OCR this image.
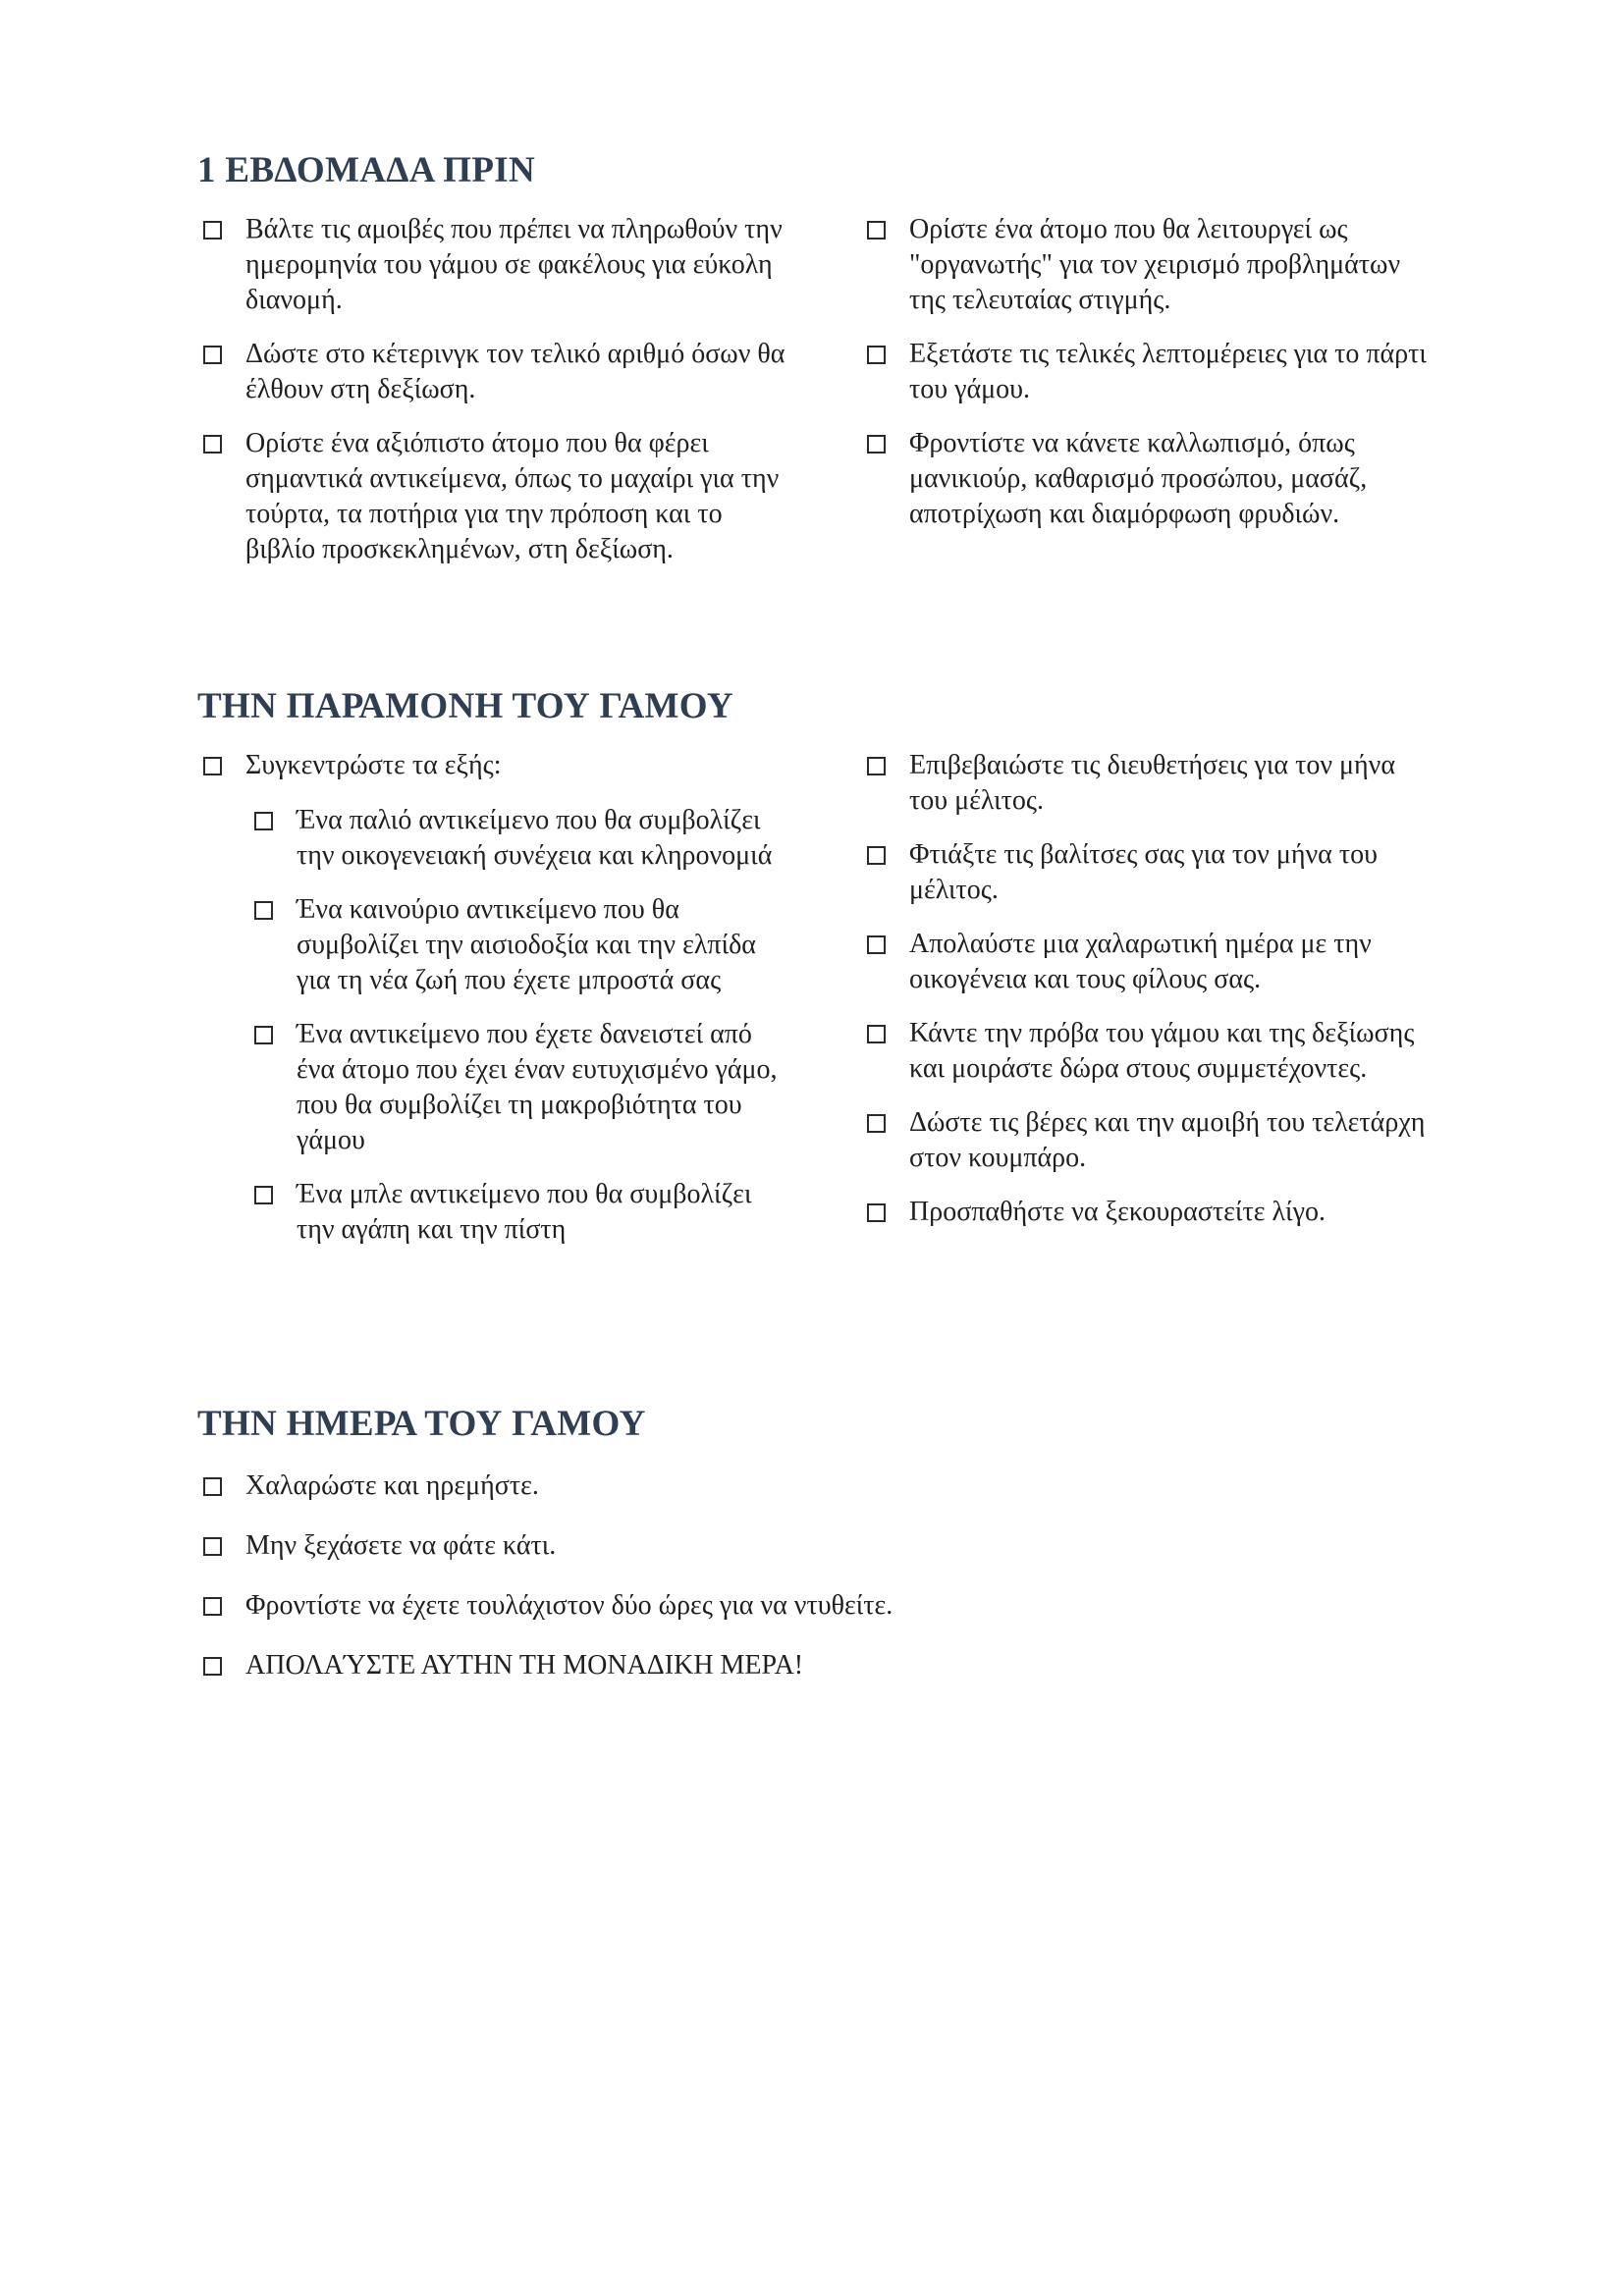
1 ΕΒΔΟΜΑΔΑ ΠΡΙΝ
Βάλτε τις αμοιβές που πρέπει να πληρωθούν την ημερομηνία του γάμου σε φακέλους για εύκολη διανομή.
Δώστε στο κέτερινγκ τον τελικό αριθμό όσων θα έλθουν στη δεξίωση.
Ορίστε ένα αξιόπιστο άτομο που θα φέρει σημαντικά αντικείμενα, όπως το μαχαίρι για την τούρτα, τα ποτήρια για την πρόποση και το βιβλίο προσκεκλημένων, στη δεξίωση.
Ορίστε ένα άτομο που θα λειτουργεί ως "οργανωτής" για τον χειρισμό προβλημάτων της τελευταίας στιγμής.
Εξετάστε τις τελικές λεπτομέρειες για το πάρτι του γάμου.
Φροντίστε να κάνετε καλλωπισμό, όπως μανικιούρ, καθαρισμό προσώπου, μασάζ, αποτρίχωση και διαμόρφωση φρυδιών.
ΤΗΝ ΠΑΡΑΜΟΝΗ ΤΟΥ ΓΑΜΟΥ
Συγκεντρώστε τα εξής:
Ένα παλιό αντικείμενο που θα συμβολίζει την οικογενειακή συνέχεια και κληρονομιά
Ένα καινούριο αντικείμενο που θα συμβολίζει την αισιοδοξία και την ελπίδα για τη νέα ζωή που έχετε μπροστά σας
Ένα αντικείμενο που έχετε δανειστεί από ένα άτομο που έχει έναν ευτυχισμένο γάμο, που θα συμβολίζει τη μακροβιότητα του γάμου
Ένα μπλε αντικείμενο που θα συμβολίζει την αγάπη και την πίστη
Επιβεβαιώστε τις διευθετήσεις για τον μήνα του μέλιτος.
Φτιάξτε τις βαλίτσες σας για τον μήνα του μέλιτος.
Απολαύστε μια χαλαρωτική ημέρα με την οικογένεια και τους φίλους σας.
Κάντε την πρόβα του γάμου και της δεξίωσης και μοιράστε δώρα στους συμμετέχοντες.
Δώστε τις βέρες και την αμοιβή του τελετάρχη στον κουμπάρο.
Προσπαθήστε να ξεκουραστείτε λίγο.
ΤΗΝ ΗΜΕΡΑ ΤΟΥ ΓΑΜΟΥ
Χαλαρώστε και ηρεμήστε.
Μην ξεχάσετε να φάτε κάτι.
Φροντίστε να έχετε τουλάχιστον δύο ώρες για να ντυθείτε.
ΑΠΟΛΑΎΣΤΕ ΑΥΤΗΝ ΤΗ ΜΟΝΑΔΙΚΗ ΜΕΡΑ!
